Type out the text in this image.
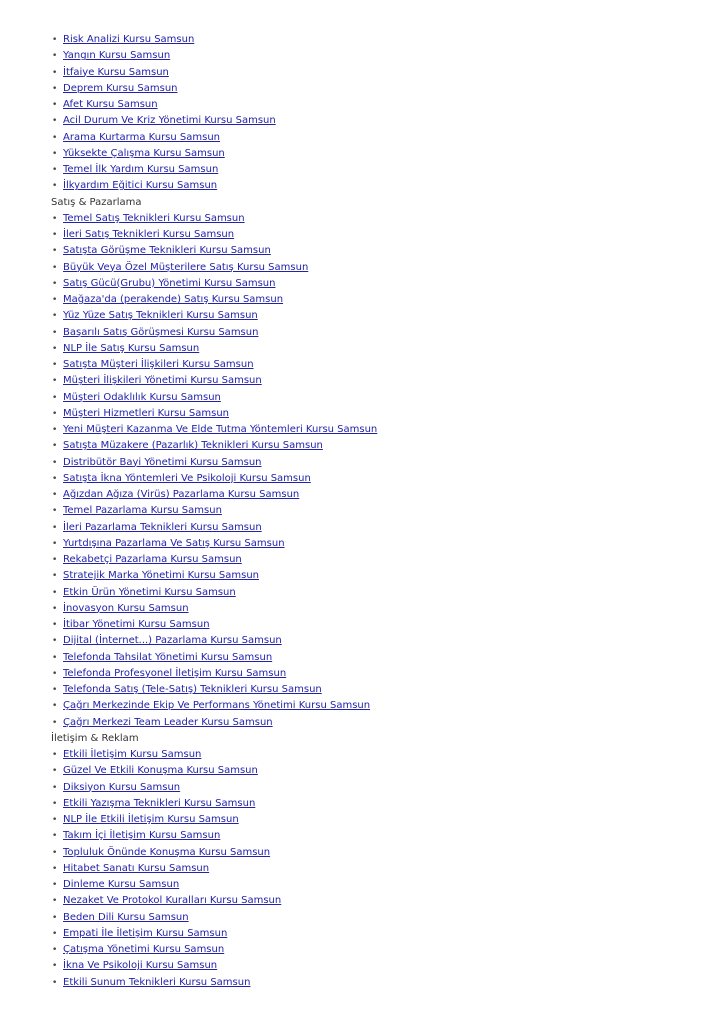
• Risk Analizi Kursu Samsun
• Yangın Kursu Samsun
• İtfaiye Kursu Samsun
• Deprem Kursu Samsun
• Afet Kursu Samsun
• Acil Durum Ve Kriz Yönetimi Kursu Samsun
• Arama Kurtarma Kursu Samsun
• Yüksekte Çalışma Kursu Samsun
• Temel İlk Yardım Kursu Samsun
• İlkyardım Eğitici Kursu Samsun
Satış & Pazarlama
• Temel Satış Teknikleri Kursu Samsun
• İleri Satış Teknikleri Kursu Samsun
• Satışta Görüşme Teknikleri Kursu Samsun
• Büyük Veya Özel Müşterilere Satış Kursu Samsun
• Satış Gücü(Grubu) Yönetimi Kursu Samsun
• Mağaza'da (perakende) Satış Kursu Samsun
• Yüz Yüze Satış Teknikleri Kursu Samsun
• Başarılı Satış Görüşmesi Kursu Samsun
• NLP İle Satış Kursu Samsun
• Satışta Müşteri İlişkileri Kursu Samsun
• Müşteri İlişkileri Yönetimi Kursu Samsun
• Müşteri Odaklılık Kursu Samsun
• Müşteri Hizmetleri Kursu Samsun
• Yeni Müşteri Kazanma Ve Elde Tutma Yöntemleri Kursu Samsun
• Satışta Müzakere (Pazarlık) Teknikleri Kursu Samsun
• Distribütör Bayi Yönetimi Kursu Samsun
• Satışta İkna Yöntemleri Ve Psikoloji Kursu Samsun
• Ağızdan Ağıza (Virüs) Pazarlama Kursu Samsun
• Temel Pazarlama Kursu Samsun
• İleri Pazarlama Teknikleri Kursu Samsun
• Yurtdışına Pazarlama Ve Satış Kursu Samsun
• Rekabetçi Pazarlama Kursu Samsun
• Stratejik Marka Yönetimi Kursu Samsun
• Etkin Ürün Yönetimi Kursu Samsun
• İnovasyon Kursu Samsun
• İtibar Yönetimi Kursu Samsun
• Dijital (İnternet...) Pazarlama Kursu Samsun
• Telefonda Tahsilat Yönetimi Kursu Samsun
• Telefonda Profesyonel İletişim Kursu Samsun
• Telefonda Satış (Tele-Satış) Teknikleri Kursu Samsun
• Çağrı Merkezinde Ekip Ve Performans Yönetimi Kursu Samsun
• Çağrı Merkezi Team Leader Kursu Samsun
İletişim & Reklam
• Etkili İletişim Kursu Samsun
• Güzel Ve Etkili Konuşma Kursu Samsun
• Diksiyon Kursu Samsun
• Etkili Yazışma Teknikleri Kursu Samsun
• NLP İle Etkili İletişim Kursu Samsun
• Takım İçi İletişim Kursu Samsun
• Topluluk Önünde Konuşma Kursu Samsun
• Hitabet Sanatı Kursu Samsun
• Dinleme Kursu Samsun
• Nezaket Ve Protokol Kuralları Kursu Samsun
• Beden Dili Kursu Samsun
• Empati İle İletişim Kursu Samsun
• Çatışma Yönetimi Kursu Samsun
• İkna Ve Psikoloji Kursu Samsun
• Etkili Sunum Teknikleri Kursu Samsun
